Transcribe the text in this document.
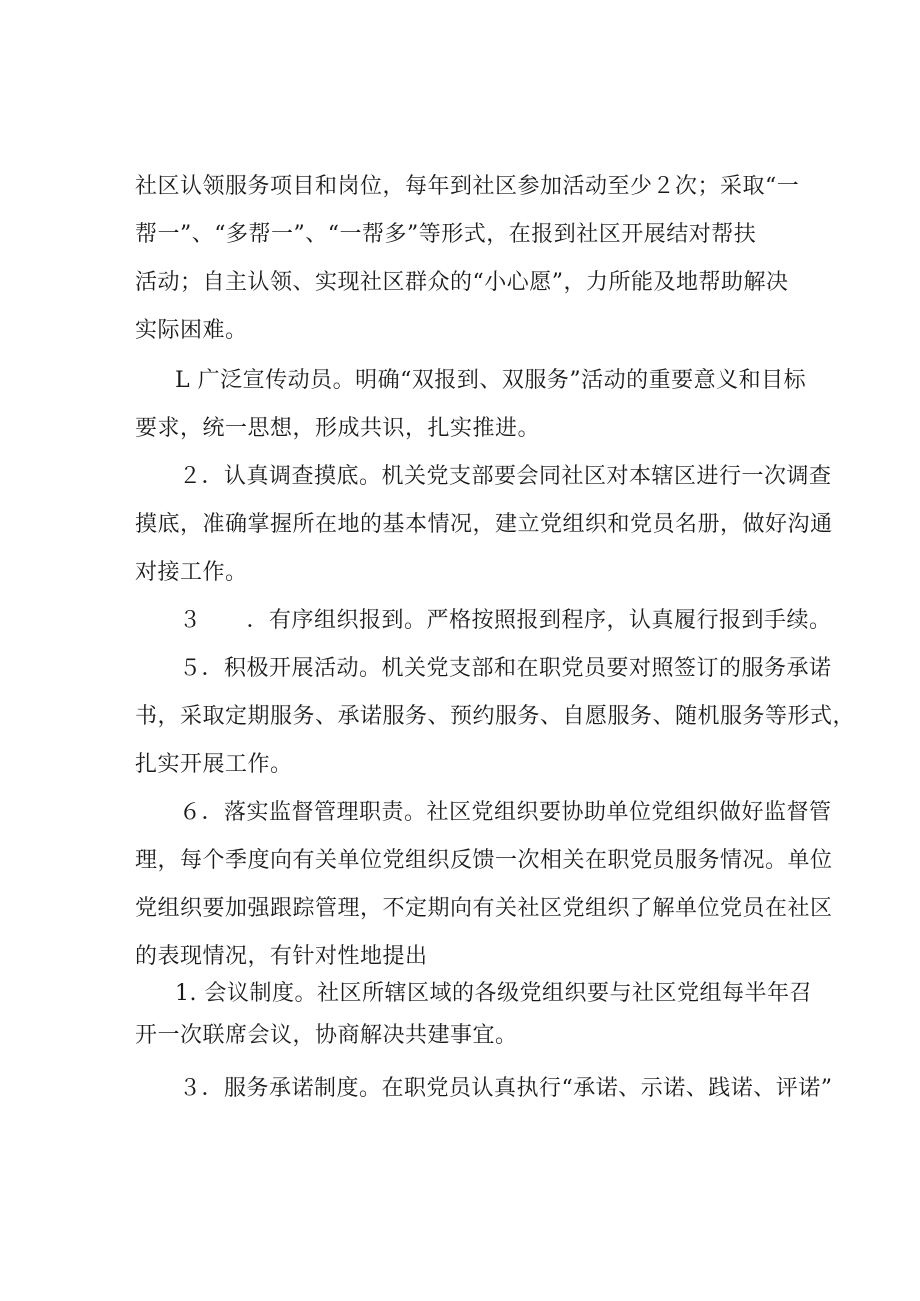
社区认领服务项目和岗位，每年到社区参加活动至少２次；采取“一
帮一”、“多帮一”、“一帮多”等形式，在报到社区开展结对帮扶
活动；自主认领、实现社区群众的“小心愿”，力所能及地帮助解决
实际困难。
L 广泛宣传动员。明确“双报到、双服务”活动的重要意义和目标
要求，统一思想，形成共识，扎实推进。
２．认真调查摸底。机关党支部要会同社区对本辖区进行一次调查
摸底，准确掌握所在地的基本情况，建立党组织和党员名册，做好沟通
对接工作。
３　　．有序组织报到。严格按照报到程序，认真履行报到手续。
５．积极开展活动。机关党支部和在职党员要对照签订的服务承诺
书，采取定期服务、承诺服务、预约服务、自愿服务、随机服务等形式，
扎实开展工作。
６．落实监督管理职责。社区党组织要协助单位党组织做好监督管
理，每个季度向有关单位党组织反馈一次相关在职党员服务情况。单位
党组织要加强跟踪管理，不定期向有关社区党组织了解单位党员在社区
的表现情况，有针对性地提出
1. 会议制度。社区所辖区域的各级党组织要与社区党组每半年召
开一次联席会议，协商解决共建事宜。
３．服务承诺制度。在职党员认真执行“承诺、示诺、践诺、评诺”
